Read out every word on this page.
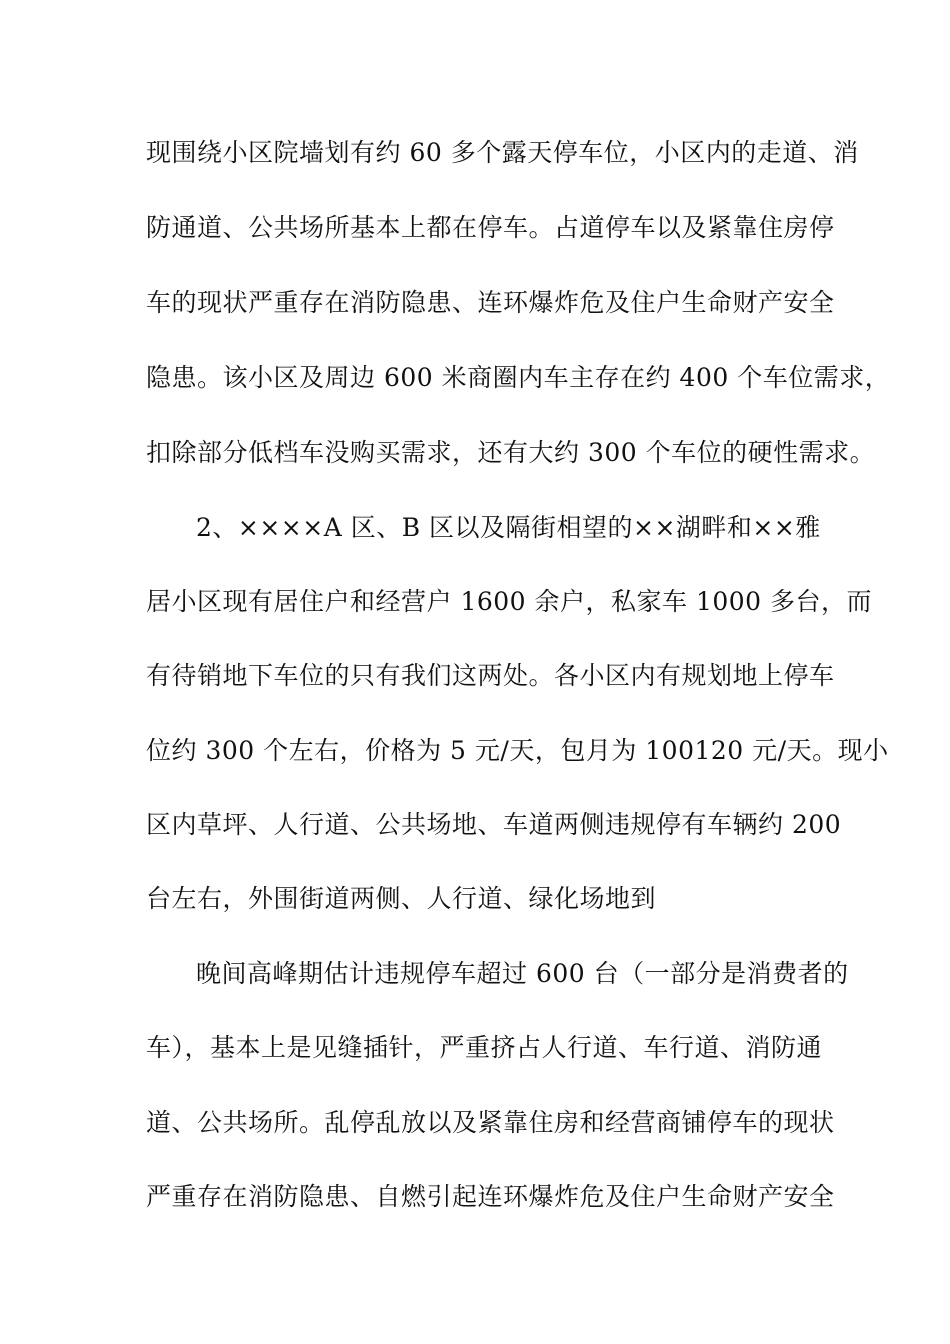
现围绕小区院墙划有约 60 多个露天停车位，小区内的走道、消
防通道、公共场所基本上都在停车。占道停车以及紧靠住房停
车的现状严重存在消防隐患、连环爆炸危及住户生命财产安全
隐患。该小区及周边 600 米商圈内车主存在约 400 个车位需求，
扣除部分低档车没购买需求，还有大约 300 个车位的硬性需求。
2、××××A 区、B 区以及隔街相望的××湖畔和××雅
居小区现有居住户和经营户 1600 余户，私家车 1000 多台，而
有待销地下车位的只有我们这两处。各小区内有规划地上停车
位约 300 个左右，价格为 5 元/天，包月为 100120 元/天。现小
区内草坪、人行道、公共场地、车道两侧违规停有车辆约 200
台左右，外围街道两侧、人行道、绿化场地到
晚间高峰期估计违规停车超过 600 台（一部分是消费者的
车），基本上是见缝插针，严重挤占人行道、车行道、消防通
道、公共场所。乱停乱放以及紧靠住房和经营商铺停车的现状
严重存在消防隐患、自燃引起连环爆炸危及住户生命财产安全
